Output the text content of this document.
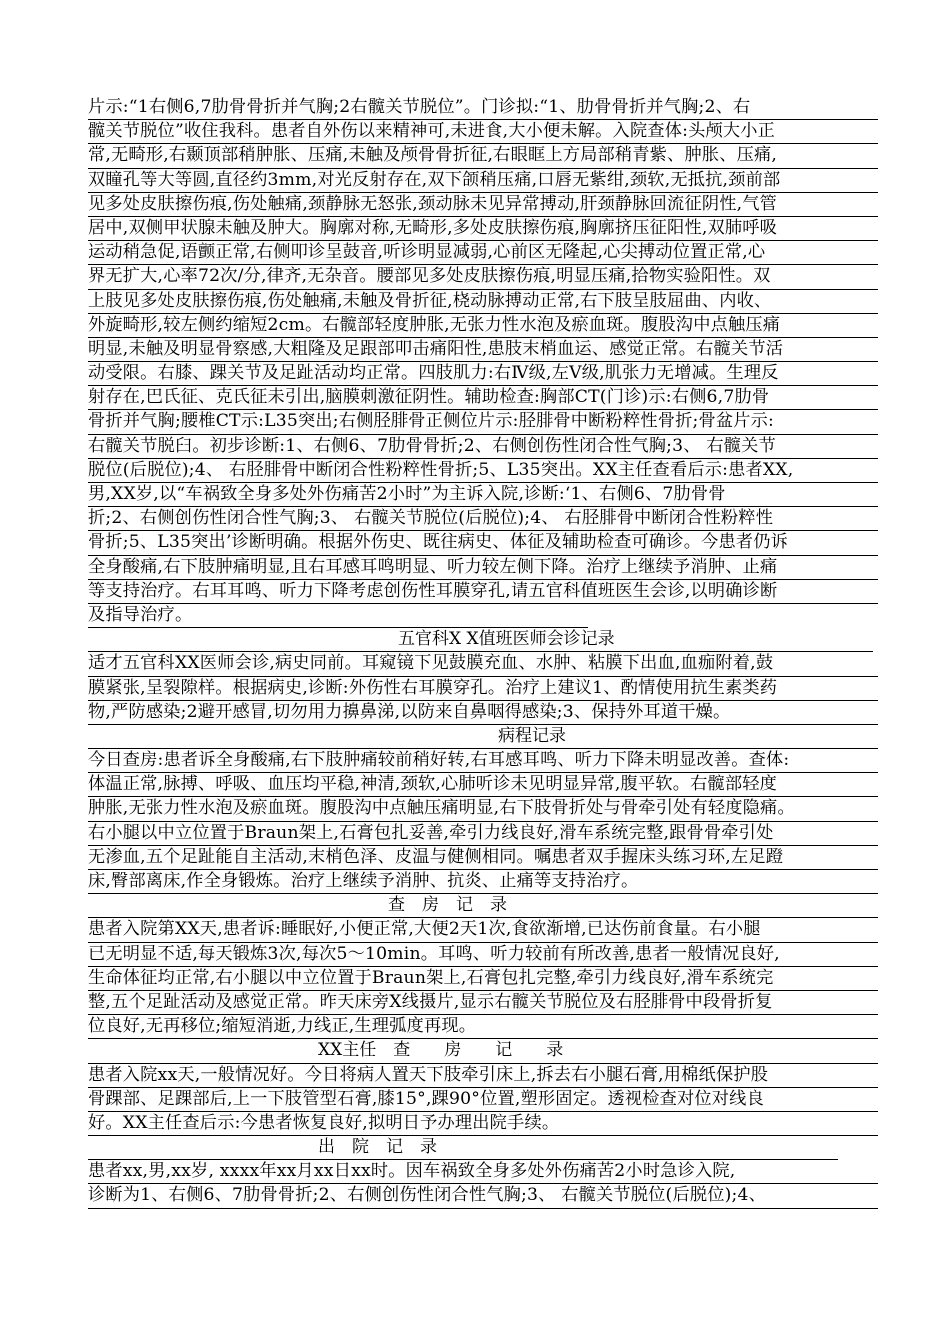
片示:“1右侧6,7肋骨骨折并气胸;2右髋关节脱位”。门诊拟:“1、肋骨骨折并气胸;2、右
髋关节脱位”收住我科。患者自外伤以来精神可,未进食,大小便未解。入院查体:头颅大小正
常,无畸形,右颞顶部稍肿胀、压痛,未触及颅骨骨折征,右眼眶上方局部稍青紫、肿胀、压痛,
双瞳孔等大等圆,直径约3mm,对光反射存在,双下颌稍压痛,口唇无紫绀,颈软,无抵抗,颈前部
见多处皮肤擦伤痕,伤处触痛,颈静脉无怒张,颈动脉未见异常搏动,肝颈静脉回流征阴性,气管
居中,双侧甲状腺未触及肿大。胸廓对称,无畸形,多处皮肤擦伤痕,胸廓挤压征阳性,双肺呼吸
运动稍急促,语颤正常,右侧叩诊呈鼓音,听诊明显减弱,心前区无隆起,心尖搏动位置正常,心
界无扩大,心率72次/分,律齐,无杂音。腰部见多处皮肤擦伤痕,明显压痛,拾物实验阳性。双
上肢见多处皮肤擦伤痕,伤处触痛,未触及骨折征,桡动脉搏动正常,右下肢呈肢屈曲、内收、
外旋畸形,较左侧约缩短2cm。右髋部轻度肿胀,无张力性水泡及瘀血斑。腹股沟中点触压痛
明显,未触及明显骨察感,大粗隆及足跟部叩击痛阳性,患肢末梢血运、感觉正常。右髋关节活
动受限。右膝、踝关节及足趾活动均正常。四肢肌力:右Ⅳ级,左Ⅴ级,肌张力无增减。生理反
射存在,巴氏征、克氏征未引出,脑膜刺激征阴性。辅助检查:胸部CT(门诊)示:右侧6,7肋骨
骨折并气胸;腰椎CT示:L35突出;右侧胫腓骨正侧位片示:胫腓骨中断粉粹性骨折;骨盆片示:
右髋关节脱臼。初步诊断:1、右侧6、7肋骨骨折;2、右侧创伤性闭合性气胸;3、 右髋关节
脱位(后脱位);4、 右胫腓骨中断闭合性粉粹性骨折;5、L35突出。XX主任查看后示:患者XX,
男,XX岁,以“车祸致全身多处外伤痛苦2小时”为主诉入院,诊断:‘1、右侧6、7肋骨骨
折;2、右侧创伤性闭合性气胸;3、 右髋关节脱位(后脱位);4、 右胫腓骨中断闭合性粉粹性
骨折;5、L35突出’诊断明确。根据外伤史、既往病史、体征及辅助检查可确诊。今患者仍诉
全身酸痛,右下肢肿痛明显,且右耳感耳鸣明显、听力较左侧下降。治疗上继续予消肿、止痛
等支持治疗。右耳耳鸣、听力下降考虑创伤性耳膜穿孔,请五官科值班医生会诊,以明确诊断
及指导治疗。
五官科X X值班医师会诊记录
适才五官科XX医师会诊,病史同前。耳窥镜下见鼓膜充血、水肿、粘膜下出血,血痂附着,鼓
膜紧张,呈裂隙样。根据病史,诊断:外伤性右耳膜穿孔。治疗上建议1、酌情使用抗生素类药
物,严防感染;2避开感冒,切勿用力擤鼻涕,以防来自鼻咽得感染;3、保持外耳道干燥。
病程记录
今日查房:患者诉全身酸痛,右下肢肿痛较前稍好转,右耳感耳鸣、听力下降未明显改善。查体:
体温正常,脉搏、呼吸、血压均平稳,神清,颈软,心肺听诊未见明显异常,腹平软。右髋部轻度
肿胀,无张力性水泡及瘀血斑。腹股沟中点触压痛明显,右下肢骨折处与骨牵引处有轻度隐痛。
右小腿以中立位置于Braun架上,石膏包扎妥善,牵引力线良好,滑车系统完整,跟骨骨牵引处
无渗血,五个足趾能自主活动,末梢色泽、皮温与健侧相同。嘱患者双手握床头练习环,左足蹬
床,臀部离床,作全身锻炼。治疗上继续予消肿、抗炎、止痛等支持治疗。
查　房　记　录
患者入院第XX天,患者诉:睡眠好,小便正常,大便2天1次,食欲渐增,已达伤前食量。右小腿
已无明显不适,每天锻炼3次,每次5～10min。耳鸣、听力较前有所改善,患者一般情况良好,
生命体征均正常,右小腿以中立位置于Braun架上,石膏包扎完整,牵引力线良好,滑车系统完
整,五个足趾活动及感觉正常。昨天床旁X线摄片,显示右髋关节脱位及右胫腓骨中段骨折复
位良好,无再移位;缩短消逝,力线正,生理弧度再现。
XX主任　查　　房　　记　　录
患者入院xx天,一般情况好。今日将病人置天下肢牵引床上,拆去右小腿石膏,用棉纸保护股
骨踝部、足踝部后,上一下肢管型石膏,膝15°,踝90°位置,塑形固定。透视检查对位对线良
好。XX主任查后示:今患者恢复良好,拟明日予办理出院手续。
出　院　记　录
患者xx,男,xx岁, xxxx年xx月xx日xx时。因车祸致全身多处外伤痛苦2小时急诊入院,
诊断为1、右侧6、7肋骨骨折;2、右侧创伤性闭合性气胸;3、 右髋关节脱位(后脱位);4、
